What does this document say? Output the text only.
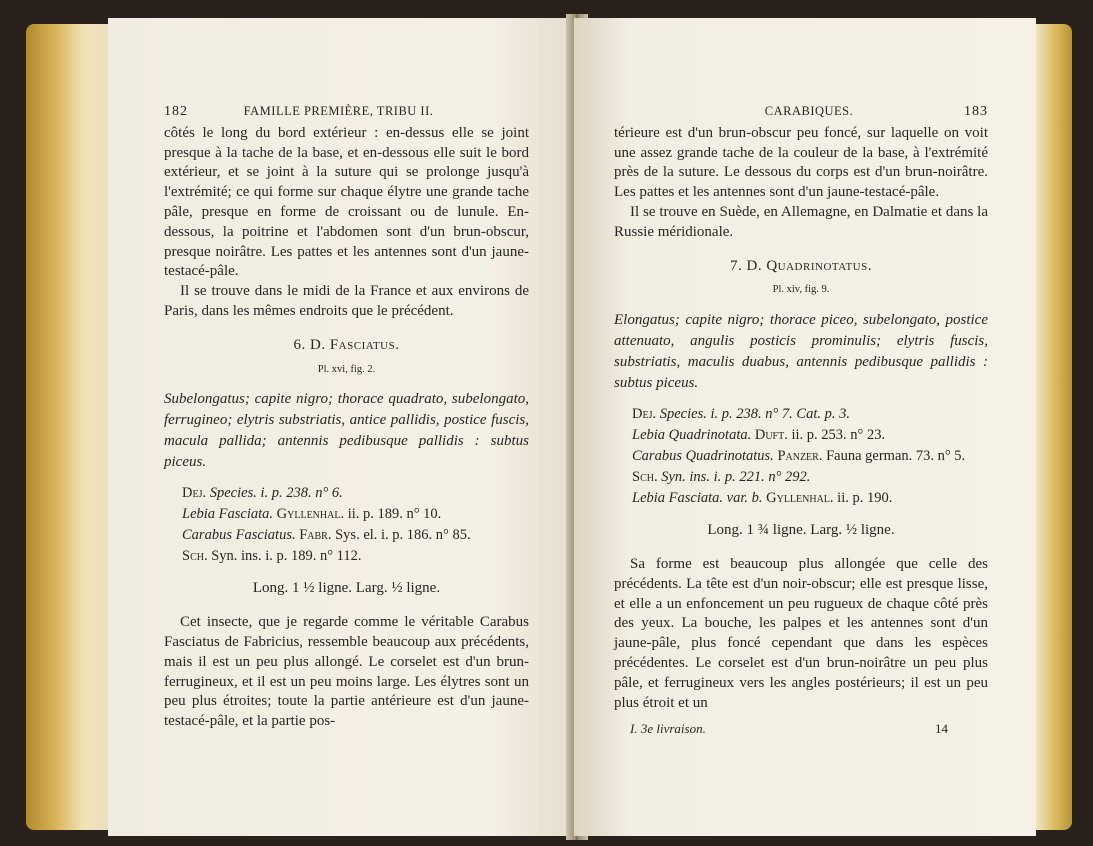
182	FAMILLE PREMIÈRE, TRIBU II.

côtés le long du bord extérieur : en-dessus elle se joint presque à la tache de la base, et en-dessous elle suit le bord extérieur, et se joint à la suture qui se prolonge jusqu'à l'extrémité; ce qui forme sur chaque élytre une grande tache pâle, presque en forme de croissant ou de lunule. En-dessous, la poitrine et l'abdomen sont d'un brun-obscur, presque noirâtre. Les pattes et les antennes sont d'un jaune-testacé-pâle.

Il se trouve dans le midi de la France et aux environs de Paris, dans les mêmes endroits que le précédent.

6. D. Fasciatus.
Pl. xvi, fig. 2.

Subelongatus; capite nigro; thorace quadrato, subelongato, ferrugineo; elytris substriatis, antice pallidis, postice fuscis, macula pallida; antennis pedibusque pallidis : subtus piceus.

Dej. Species. i. p. 238. n° 6.

Lebia Fasciata. Gyllenhal. ii. p. 189. n° 10.

Carabus Fasciatus. Fabr. Sys. el. i. p. 186. n° 85.

Sch. Syn. ins. i. p. 189. n° 112.

Long. 1 ½ ligne. Larg. ½ ligne.

Cet insecte, que je regarde comme le véritable Carabus Fasciatus de Fabricius, ressemble beaucoup aux précédents, mais il est un peu plus allongé. Le corselet est d'un brun-ferrugineux, et il est un peu moins large. Les élytres sont un peu plus étroites; toute la partie antérieure est d'un jaune-testacé-pâle, et la partie pos-

CARABIQUES.	183

térieure est d'un brun-obscur peu foncé, sur laquelle on voit une assez grande tache de la couleur de la base, à l'extrémité près de la suture. Le dessous du corps est d'un brun-noirâtre. Les pattes et les antennes sont d'un jaune-testacé-pâle.

Il se trouve en Suède, en Allemagne, en Dalmatie et dans la Russie méridionale.

7. D. Quadrinotatus.
Pl. xiv, fig. 9.

Elongatus; capite nigro; thorace piceo, subelongato, postice attenuato, angulis posticis prominulis; elytris fuscis, substriatis, maculis duabus, antennis pedibusque pallidis : subtus piceus.

Dej. Species. i. p. 238. n° 7. Cat. p. 3.

Lebia Quadrinotata. Duft. ii. p. 253. n° 23.

Carabus Quadrinotatus. Panzer. Fauna german. 73. n° 5.

Sch. Syn. ins. i. p. 221. n° 292.

Lebia Fasciata. var. b. Gyllenhal. ii. p. 190.

Long. 1 ¾ ligne. Larg. ½ ligne.

Sa forme est beaucoup plus allongée que celle des précédents. La tête est d'un noir-obscur; elle est presque lisse, et elle a un enfoncement un peu rugueux de chaque côté près des yeux. La bouche, les palpes et les antennes sont d'un jaune-pâle, plus foncé cependant que dans les espèces précédentes. Le corselet est d'un brun-noirâtre un peu plus pâle, et ferrugineux vers les angles postérieurs; il est un peu plus étroit et un

I. 3e livraison.	14
